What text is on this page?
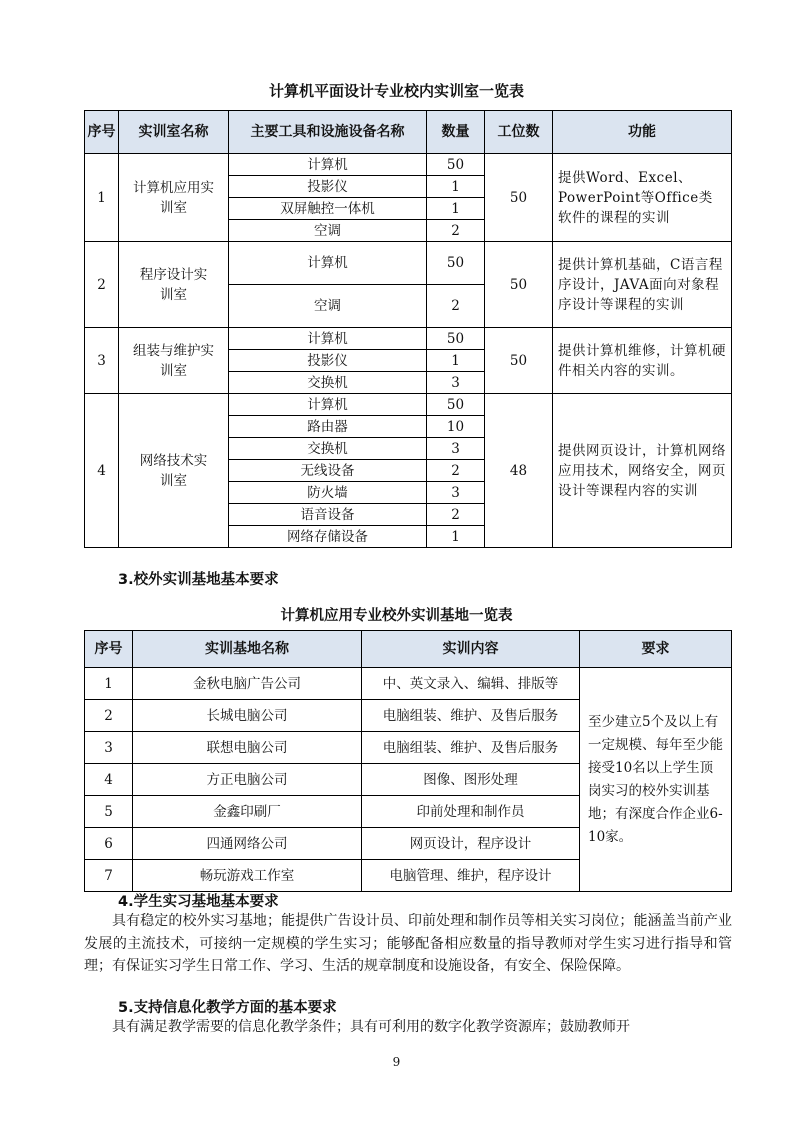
计算机平面设计专业校内实训室一览表
序号	实训室名称	主要工具和设施设备名称	数量	工位数	功能
1	计算机应用实训室	计算机	50	50	提供Word、Excel、PowerPoint等Office类软件的课程的实训
		投影仪	1		
		双屏触控一体机	1		
		空调	2		
2	程序设计实训室	计算机	50	50	提供计算机基础，C语言程序设计，JAVA面向对象程序设计等课程的实训
		空调	2		
3	组装与维护实训室	计算机	50	50	提供计算机维修，计算机硬件相关内容的实训。
		投影仪	1		
		交换机	3		
4	网络技术实训室	计算机	50	48	提供网页设计，计算机网络应用技术，网络安全，网页设计等课程内容的实训
		路由器	10		
		交换机	3		
		无线设备	2		
		防火墙	3		
		语音设备	2		
		网络存储设备	1		
3.校外实训基地基本要求
计算机应用专业校外实训基地一览表
序号	实训基地名称	实训内容	要求
1	金秋电脑广告公司	中、英文录入、编辑、排版等	至少建立5个及以上有一定规模、每年至少能接受10名以上学生顶岗实习的校外实训基地；有深度合作企业6-10家。
2	长城电脑公司	电脑组装、维护、及售后服务	
3	联想电脑公司	电脑组装、维护、及售后服务	
4	方正电脑公司	图像、图形处理	
5	金鑫印刷厂	印前处理和制作员	
6	四通网络公司	网页设计，程序设计	
7	畅玩游戏工作室	电脑管理、维护，程序设计	
4.学生实习基地基本要求
具有稳定的校外实习基地；能提供广告设计员、印前处理和制作员等相关实习岗位；能涵盖当前产业发展的主流技术，可接纳一定规模的学生实习；能够配备相应数量的指导教师对学生实习进行指导和管理；有保证实习学生日常工作、学习、生活的规章制度和设施设备，有安全、保险保障。
5.支持信息化教学方面的基本要求
具有满足教学需要的信息化教学条件；具有可利用的数字化教学资源库；鼓励教师开
9
